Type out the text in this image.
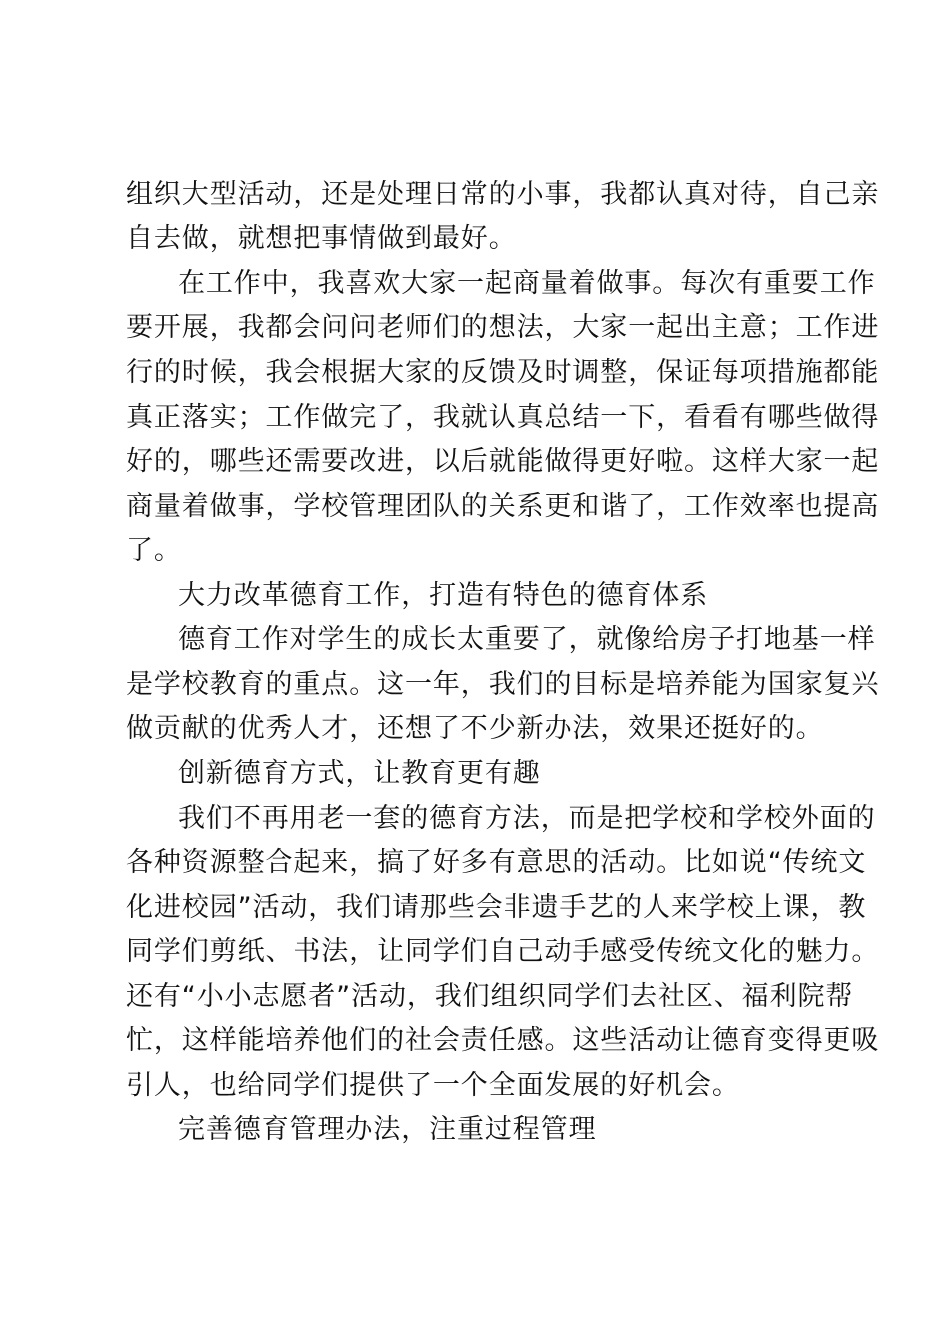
组织大型活动，还是处理日常的小事，我都认真对待，自己亲
自去做，就想把事情做到最好。
在工作中，我喜欢大家一起商量着做事。每次有重要工作
要开展，我都会问问老师们的想法，大家一起出主意；工作进
行的时候，我会根据大家的反馈及时调整，保证每项措施都能
真正落实；工作做完了，我就认真总结一下，看看有哪些做得
好的，哪些还需要改进，以后就能做得更好啦。这样大家一起
商量着做事，学校管理团队的关系更和谐了，工作效率也提高
了。
大力改革德育工作，打造有特色的德育体系
德育工作对学生的成长太重要了，就像给房子打地基一样
是学校教育的重点。这一年，我们的目标是培养能为国家复兴
做贡献的优秀人才，还想了不少新办法，效果还挺好的。
创新德育方式，让教育更有趣
我们不再用老一套的德育方法，而是把学校和学校外面的
各种资源整合起来，搞了好多有意思的活动。比如说“传统文
化进校园”活动，我们请那些会非遗手艺的人来学校上课，教
同学们剪纸、书法，让同学们自己动手感受传统文化的魅力。
还有“小小志愿者”活动，我们组织同学们去社区、福利院帮
忙，这样能培养他们的社会责任感。这些活动让德育变得更吸
引人，也给同学们提供了一个全面发展的好机会。
完善德育管理办法，注重过程管理
